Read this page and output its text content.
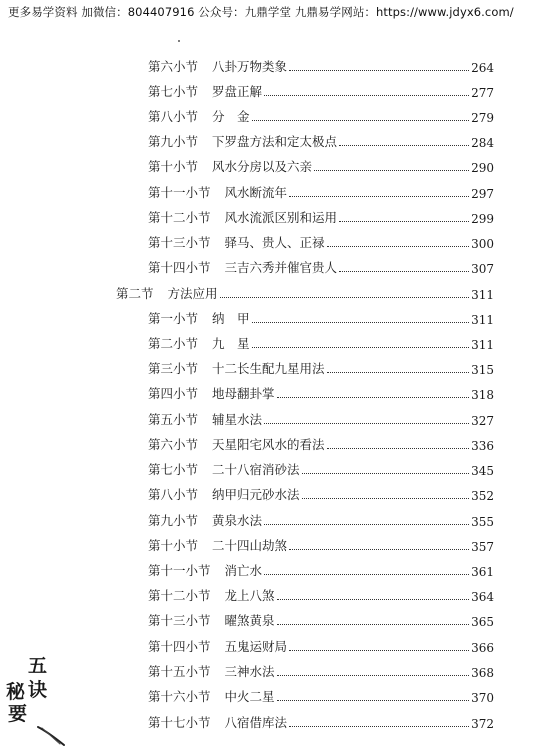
更多易学资料 加微信：804407916 公众号：九鼎学堂 九鼎易学网站：https://www.jdyx6.com/
第六小节 八卦万物类象	264
第七小节 罗盘正解	277
第八小节 分　金	279
第九小节 下罗盘方法和定太极点	284
第十小节 风水分房以及六亲	290
第十一小节 风水断流年	297
第十二小节 风水流派区别和运用	299
第十三小节 驿马、贵人、正禄	300
第十四小节 三吉六秀并催官贵人	307
第二节 方法应用	311
第一小节 纳　甲	311
第二小节 九　星	311
第三小节 十二长生配九星用法	315
第四小节 地母翻卦掌	318
第五小节 辅星水法	327
第六小节 天星阳宅风水的看法	336
第七小节 二十八宿消砂法	345
第八小节 纳甲归元砂水法	352
第九小节 黄泉水法	355
第十小节 二十四山劫煞	357
第十一小节 消亡水	361
第十二小节 龙上八煞	364
第十三小节 曜煞黄泉	365
第十四小节 五鬼运财局	366
第十五小节 三神水法	368
第十六小节 中火二星	370
第十七小节 八宿借库法	372
五
诀
秘
要
